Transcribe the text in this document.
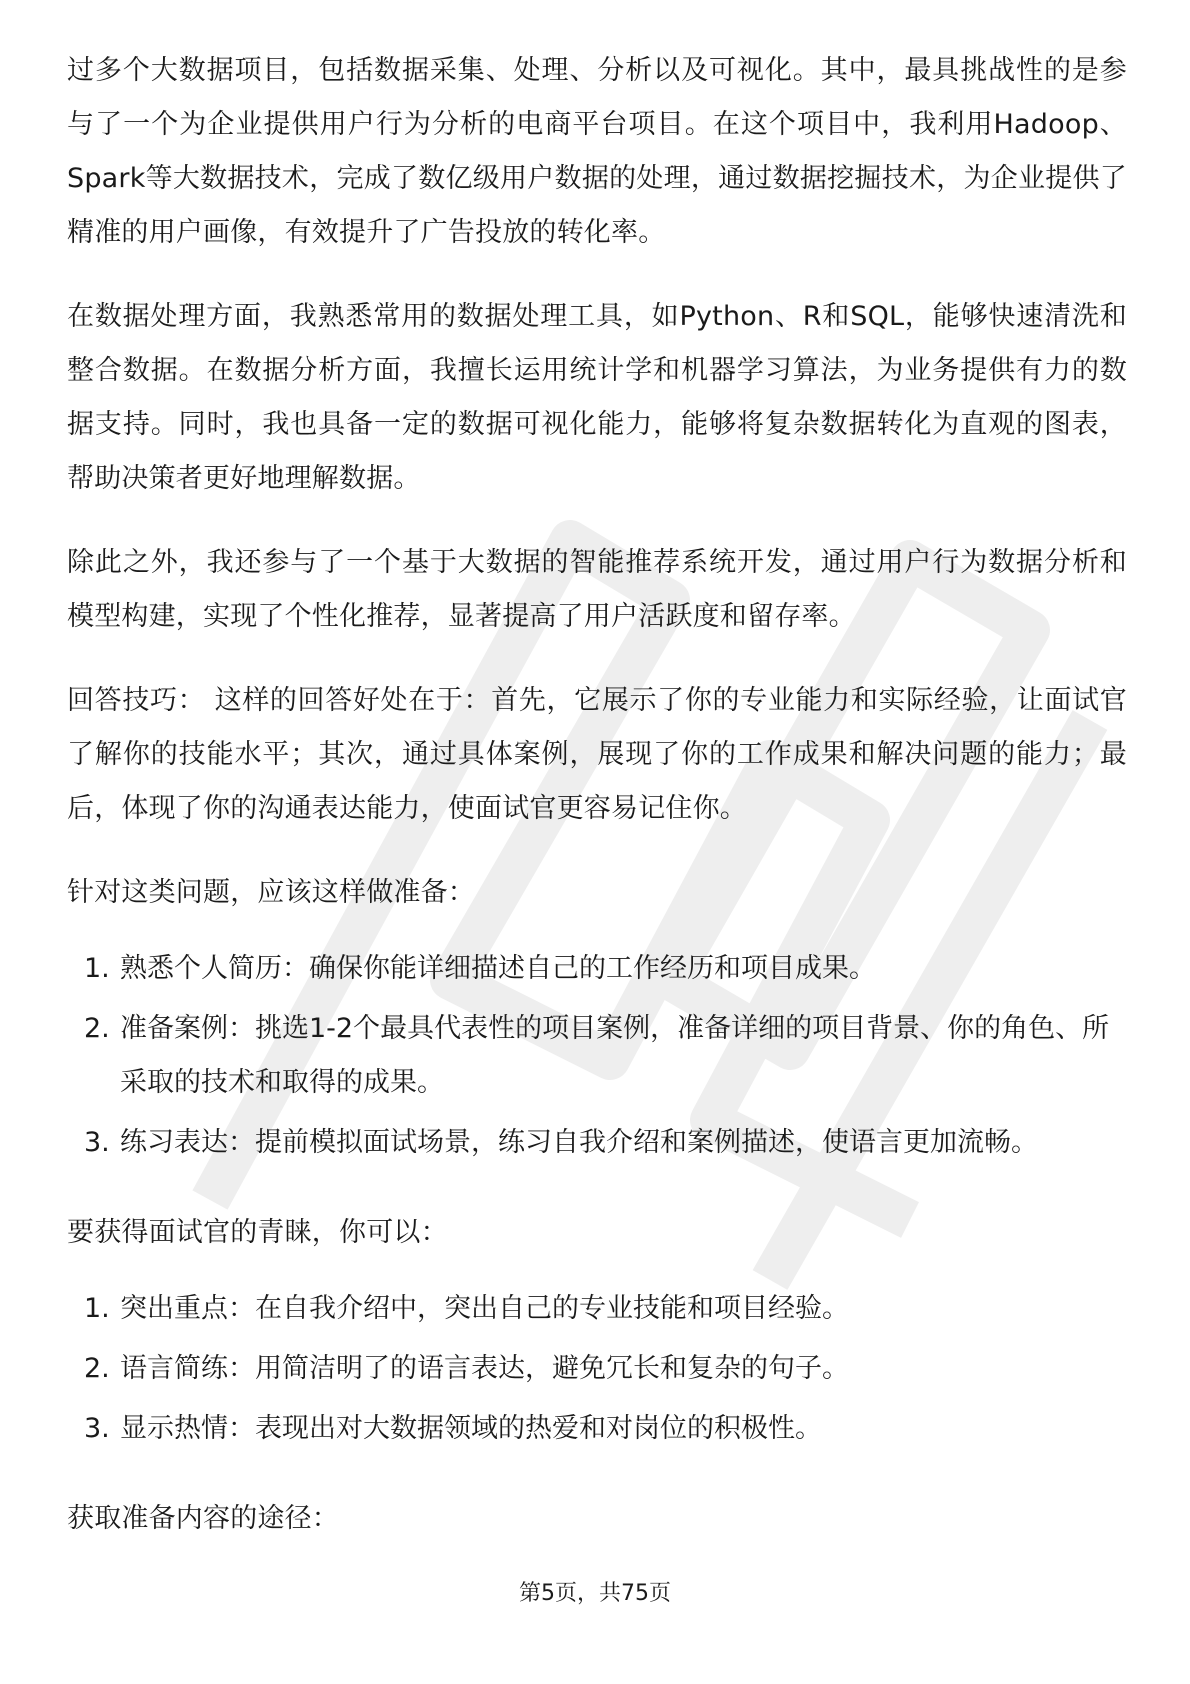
过多个大数据项目，包括数据采集、处理、分析以及可视化。其中，最具挑战性的是参与了一个为企业提供用户行为分析的电商平台项目。在这个项目中，我利用Hadoop、Spark等大数据技术，完成了数亿级用户数据的处理，通过数据挖掘技术，为企业提供了精准的用户画像，有效提升了广告投放的转化率。

在数据处理方面，我熟悉常用的数据处理工具，如Python、R和SQL，能够快速清洗和整合数据。在数据分析方面，我擅长运用统计学和机器学习算法，为业务提供有力的数据支持。同时，我也具备一定的数据可视化能力，能够将复杂数据转化为直观的图表，帮助决策者更好地理解数据。

除此之外，我还参与了一个基于大数据的智能推荐系统开发，通过用户行为数据分析和模型构建，实现了个性化推荐，显著提高了用户活跃度和留存率。

回答技巧： 这样的回答好处在于：首先，它展示了你的专业能力和实际经验，让面试官了解你的技能水平；其次，通过具体案例，展现了你的工作成果和解决问题的能力；最后，体现了你的沟通表达能力，使面试官更容易记住你。

针对这类问题，应该这样做准备：

1. 熟悉个人简历：确保你能详细描述自己的工作经历和项目成果。
2. 准备案例：挑选1-2个最具代表性的项目案例，准备详细的项目背景、你的角色、所采取的技术和取得的成果。
3. 练习表达：提前模拟面试场景，练习自我介绍和案例描述，使语言更加流畅。

要获得面试官的青睐，你可以：

1. 突出重点：在自我介绍中，突出自己的专业技能和项目经验。
2. 语言简练：用简洁明了的语言表达，避免冗长和复杂的句子。
3. 显示热情：表现出对大数据领域的热爱和对岗位的积极性。

获取准备内容的途径：

第5页，共75页
